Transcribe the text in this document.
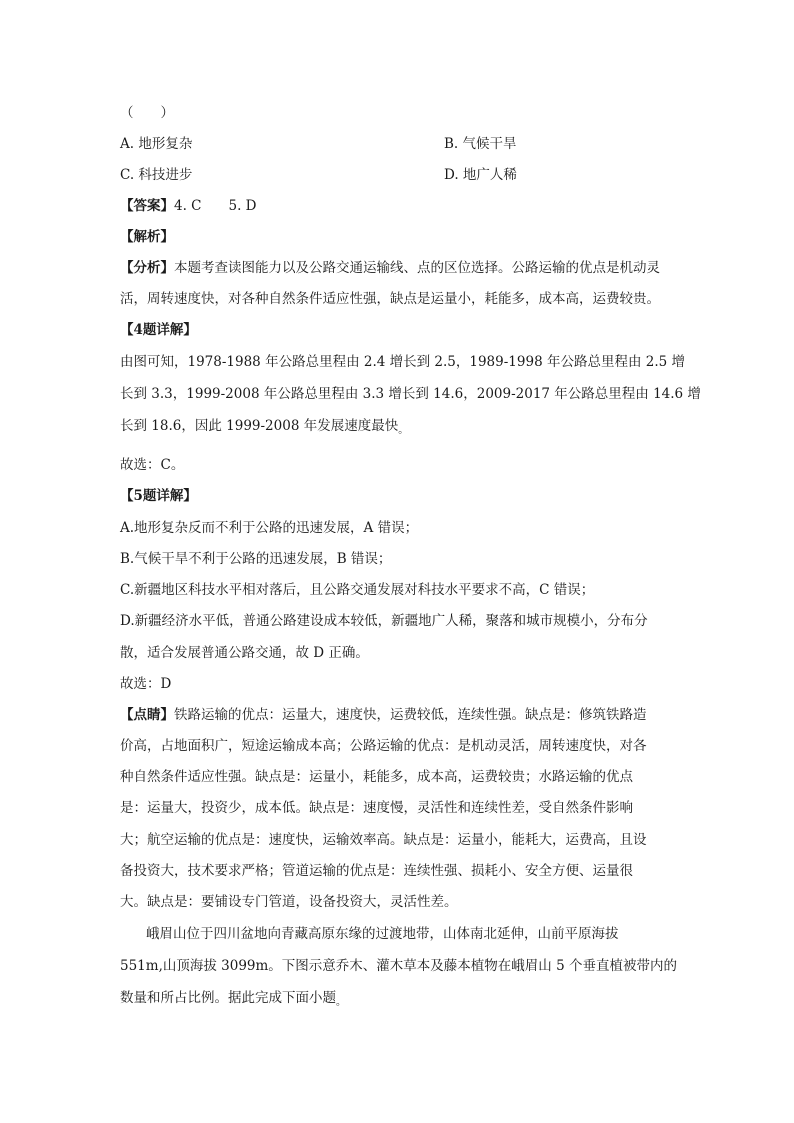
（　　）
A. 地形复杂	B. 气候干旱
C. 科技进步	D. 地广人稀
【答案】4. C　　5. D
【解析】
【分析】本题考查读图能力以及公路交通运输线、点的区位选择。公路运输的优点是机动灵
活，周转速度快，对各种自然条件适应性强，缺点是运量小，耗能多，成本高，运费较贵。
【4题详解】
由图可知，1978-1988 年公路总里程由 2.4 增长到 2.5，1989-1998 年公路总里程由 2.5 增
长到 3.3，1999-2008 年公路总里程由 3.3 增长到 14.6，2009-2017 年公路总里程由 14.6 增
长到 18.6，因此 1999-2008 年发展速度最快$_。$
故选：C。
【5题详解】
A.地形复杂反而不利于公路的迅速发展，A 错误；
B.气候干旱不利于公路的迅速发展，B 错误；
C.新疆地区科技水平相对落后，且公路交通发展对科技水平要求不高，C 错误；
D.新疆经济水平低，普通公路建设成本较低，新疆地广人稀，聚落和城市规模小，分布分
散，适合发展普通公路交通，故 D 正确。
故选：D
【点睛】铁路运输的优点：运量大，速度快，运费较低，连续性强。缺点是：修筑铁路造
价高，占地面积广，短途运输成本高；公路运输的优点：是机动灵活，周转速度快，对各
种自然条件适应性强。缺点是：运量小，耗能多，成本高，运费较贵；水路运输的优点
是：运量大，投资少，成本低。缺点是：速度慢，灵活性和连续性差，受自然条件影响
大；航空运输的优点是：速度快，运输效率高。缺点是：运量小，能耗大，运费高，且设
备投资大，技术要求严格；管道运输的优点是：连续性强、损耗小、安全方便、运量很
大。缺点是：要铺设专门管道，设备投资大，灵活性差。
峨眉山位于四川盆地向青藏高原东缘的过渡地带，山体南北延伸，山前平原海拔
551m,山顶海拔 3099m。下图示意乔木、灌木草本及藤本植物在峨眉山 5 个垂直植被带内的
数量和所占比例。据此完成下面小题$_。$
